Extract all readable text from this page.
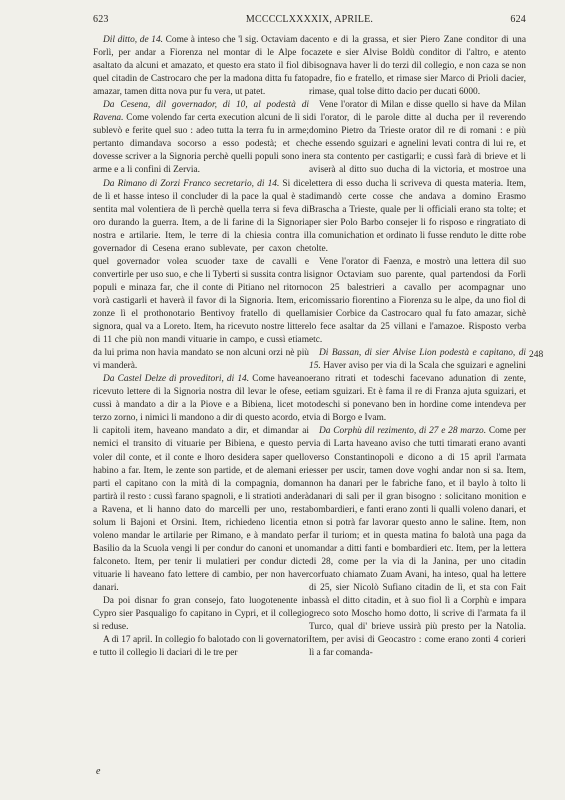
623	MCCCCLXXXXIX, APRILE.	624

Dil ditto, de 14. Come à inteso che 'l sig. Octaviam da Forlì, per andar a Fiorenza nel montar di le Alpe fo asaltato da alcuni et amazato, et questo era stato il fiol di quel citadin de Castrocaro che per la madona ditta fu fato amazar, tamen ditta nova pur fu vera, ut patet.

Da Cesena, dil governador, di 10, al podestà di Ravena. Come volendo far certa execution alcuni de lì si sublevò e ferite quel suo : adeo tutta la terra fu in arme; pertanto dimandava socorso a esso podestà; et che dovesse scriver a la Signoria perchè quelli populi sono in arme e a li confini di Zervia.

Da Rimano di Zorzi Franco secretario, di 14. Si dice de lì et hasse inteso il concluder di la pace la qual è sta sentita mal volentiera de lì perchè quella terra si feva di oro durando la guerra. Item, a de li farine di la Signoria nostra e artilarie. Item, le terre di la chiesia contra il governador di Cesena erano sublevate, per caxon che quel governador volea scuoder taxe de cavalli e convertirle per uso suo, e che li Tyberti si sussita contra li populi e minaza far, che il conte di Pitiano nel ritorno vorà castigarli et haverà il favor di la Signoria. Item, eri zonze lì el prothonotario Bentivoy fratello di quella signora, qual va a Loreto. Item, ha ricevuto nostre littere di 11 che più non mandi vituarie in campo, e cussì etiam da lui prima non havia mandato se non alcuni orzi nè più vi manderà.

Da Castel Delze di proveditori, di 14. Come haveano ricevuto lettere di la Signoria nostra dil levar le ofese, e cussì à mandato a dir a la Piove e a Bibiena, licet mo terzo zorno, i nimici li mandono a dir di questo acordo, et li capitoli item, haveano mandato a dir, et dimandar ai nemici el transito di vituarie per Bibiena, e questo per voler dil conte, et il conte e lhoro desidera saper quello habino a far. Item, le zente son partide, et de alemani eri parti el capitano con la mità di la compagnia, doman partirà il resto : cussì farano spagnoli, e li stratioti anderà a Ravena, et li hanno dato do marcelli per uno, resta solum li Bajoni et Orsini. Item, richiedeno licentia et voleno mandar le artilarie per Rimano, e à mandato per Basilio da la Scuola vengi li per condur do canoni et uno falconeto. Item, per tenir li mulatieri per condur dicte vituarie li haveano fato lettere di cambio, per non haver danari.

Da poi disnar fo gran consejo, fato luogotenente in Cypro sier Pasqualigo fo capitano in Cypri, et il collegio si reduse.

A dì 17 april. In collegio fo balotado con li governatori e tutto il collegio li daciari di le tre per

cento e di la grassa, et sier Piero Zane conditor di una cazete e sier Alvise Boldù conditor di l'altro, e atento bisognava haver li do terzi dil collegio, e non caza se non padre, fio e fratello, et rimase sier Marco di Prioli dacier, rimase, qual tolse ditto dacio per ducati 6000.

Vene l'orator di Milan e disse quello si have da Milan di l'orator, di le parole ditte al ducha per il reverendo domino Pietro da Trieste orator dil re di romani : e più che essendo sguizari e agnelini levati contra di lui re, et era sta contento per castigarli; e cussì farà di brieve et li aviserà al ditto suo ducha di la victoria, et mostroe una lettera di esso ducha li scriveva di questa materia. Item, dimandò certe cosse che andava a domino Erasmo Brascha a Trieste, quale per li officiali erano sta tolte; et per sier Polo Barbo consejer li fo risposo e ringratiato di la comunichation et ordinato li fusse renduto le ditte robe tolte.

Vene l'orator di Faenza, e mostrò una lettera dil suo signor Octaviam suo parente, qual partendosi da Forlì con 25 balestrieri a cavallo per acompagnar uno comissario fiorentino a Fiorenza su le alpe, da uno fiol di misier Corbice da Castrocaro qual fu fato amazar, sichè lo fece asaltar da 25 villani e l'amazoe. Risposto verba etc.

Di Bassan, di sier Alvise Lion podestà e capitano, di 15. Haver aviso per via di la Scala che sguizari e agnelini erano ritrati et todeschi facevano adunation di zente, etiam sguizari. Et è fama il re di Franza ajuta sguizari, et todeschi si ponevano ben in hordine come intendeva per via di Borgo e Ivam.

Da Corphù dil rezimento, di 27 e 28 marzo. Come per via di Larta haveano aviso che tutti timarati erano avanti verso Constantinopoli e dicono a di 15 april l'armata esser per uscir, tamen dove voghi andar non si sa. Item, non ha danari per le fabriche fano, et il baylo à tolto li danari di sali per il gran bisogno : solicitano monition e bombardieri, e fanti erano zonti li qualli voleno danari, et non si potrà far lavorar questo anno le saline. Item, non far il turiom; et in questa matina fo balotà una paga da mandar a ditti fanti e bombardieri etc. Item, per la lettera di 28, come per la via di la Janina, per uno citadin corfuato chiamato Zuam Avani, ha inteso, qual ha lettere di 25, sier Nicolò Sufiano citadin de lì, et sta con Fait bassà el ditto citadin, et à suo fiol lì a Corphù e impara greco soto Moscho homo dotto, li scrive di l'armata fa il Turco, qual di' brieve ussirà più presto per la Natolia. Item, per avisi di Geocastro : come erano zonti 4 corieri lì a far comanda-

248
e
